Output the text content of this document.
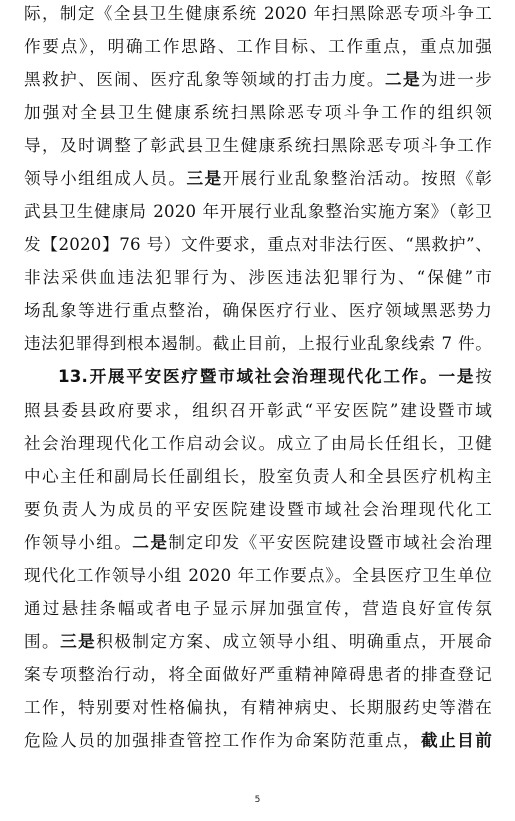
际，制定《全县卫生健康系统 2020 年扫黑除恶专项斗争工
作要点》，明确工作思路、工作目标、工作重点，重点加强
黑救护、医闹、医疗乱象等领域的打击力度。二是为进一步
加强对全县卫生健康系统扫黑除恶专项斗争工作的组织领
导，及时调整了彰武县卫生健康系统扫黑除恶专项斗争工作
领导小组组成人员。三是开展行业乱象整治活动。按照《彰
武县卫生健康局 2020 年开展行业乱象整治实施方案》（彰卫
发【2020】76 号）文件要求，重点对非法行医、“黑救护”、
非法采供血违法犯罪行为、涉医违法犯罪行为、“保健”市
场乱象等进行重点整治，确保医疗行业、医疗领域黑恶势力
违法犯罪得到根本遏制。截止目前，上报行业乱象线索 7 件。
13.开展平安医疗暨市域社会治理现代化工作。一是按
照县委县政府要求，组织召开彰武“平安医院”建设暨市域
社会治理现代化工作启动会议。成立了由局长任组长，卫健
中心主任和副局长任副组长，股室负责人和全县医疗机构主
要负责人为成员的平安医院建设暨市域社会治理现代化工
作领导小组。二是制定印发《平安医院建设暨市域社会治理
现代化工作领导小组 2020 年工作要点》。全县医疗卫生单位
通过悬挂条幅或者电子显示屏加强宣传，营造良好宣传氛
围。三是积极制定方案、成立领导小组、明确重点，开展命
案专项整治行动，将全面做好严重精神障碍患者的排查登记
工作，特别要对性格偏执，有精神病史、长期服药史等潜在
危险人员的加强排查管控工作作为命案防范重点，截止目前
5
